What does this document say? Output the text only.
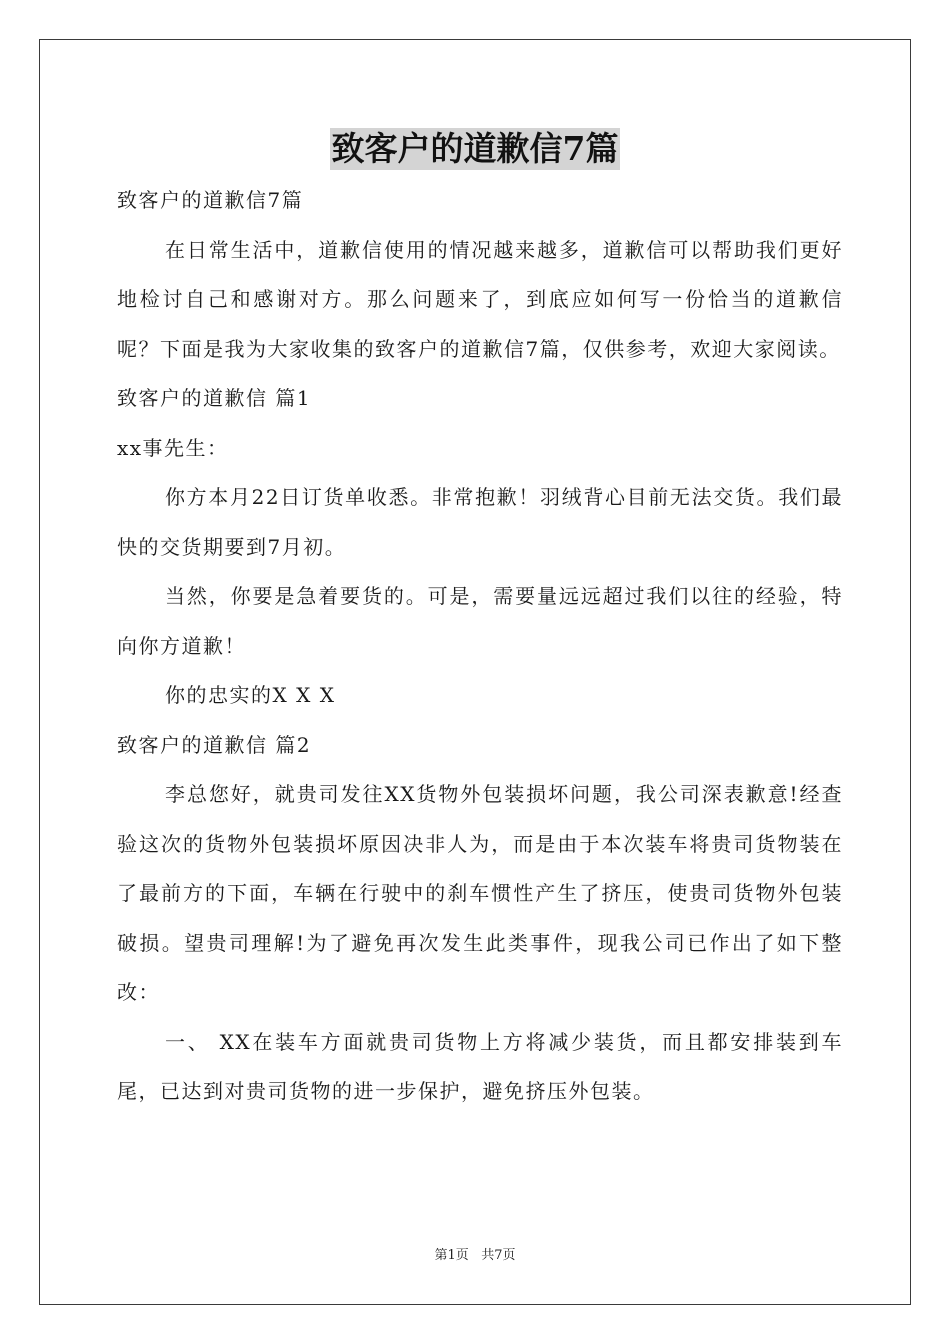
致客户的道歉信7篇
致客户的道歉信7篇

在日常生活中，道歉信使用的情况越来越多，道歉信可以帮助我们更好地检讨自己和感谢对方。那么问题来了，到底应如何写一份恰当的道歉信呢？下面是我为大家收集的致客户的道歉信7篇，仅供参考，欢迎大家阅读。

致客户的道歉信 篇1
xx事先生：

你方本月22日订货单收悉。非常抱歉！羽绒背心目前无法交货。我们最快的交货期要到7月初。

当然，你要是急着要货的。可是，需要量远远超过我们以往的经验，特向你方道歉！

你的忠实的X X X

致客户的道歉信 篇2

李总您好，就贵司发往XX货物外包装损坏问题，我公司深表歉意!经查验这次的货物外包装损坏原因决非人为，而是由于本次装车将贵司货物装在了最前方的下面，车辆在行驶中的刹车惯性产生了挤压，使贵司货物外包装破损。望贵司理解!为了避免再次发生此类事件，现我公司已作出了如下整改：

一、 XX在装车方面就贵司货物上方将减少装货，而且都安排装到车尾，已达到对贵司货物的进一步保护，避免挤压外包装。

第1页 共7页
